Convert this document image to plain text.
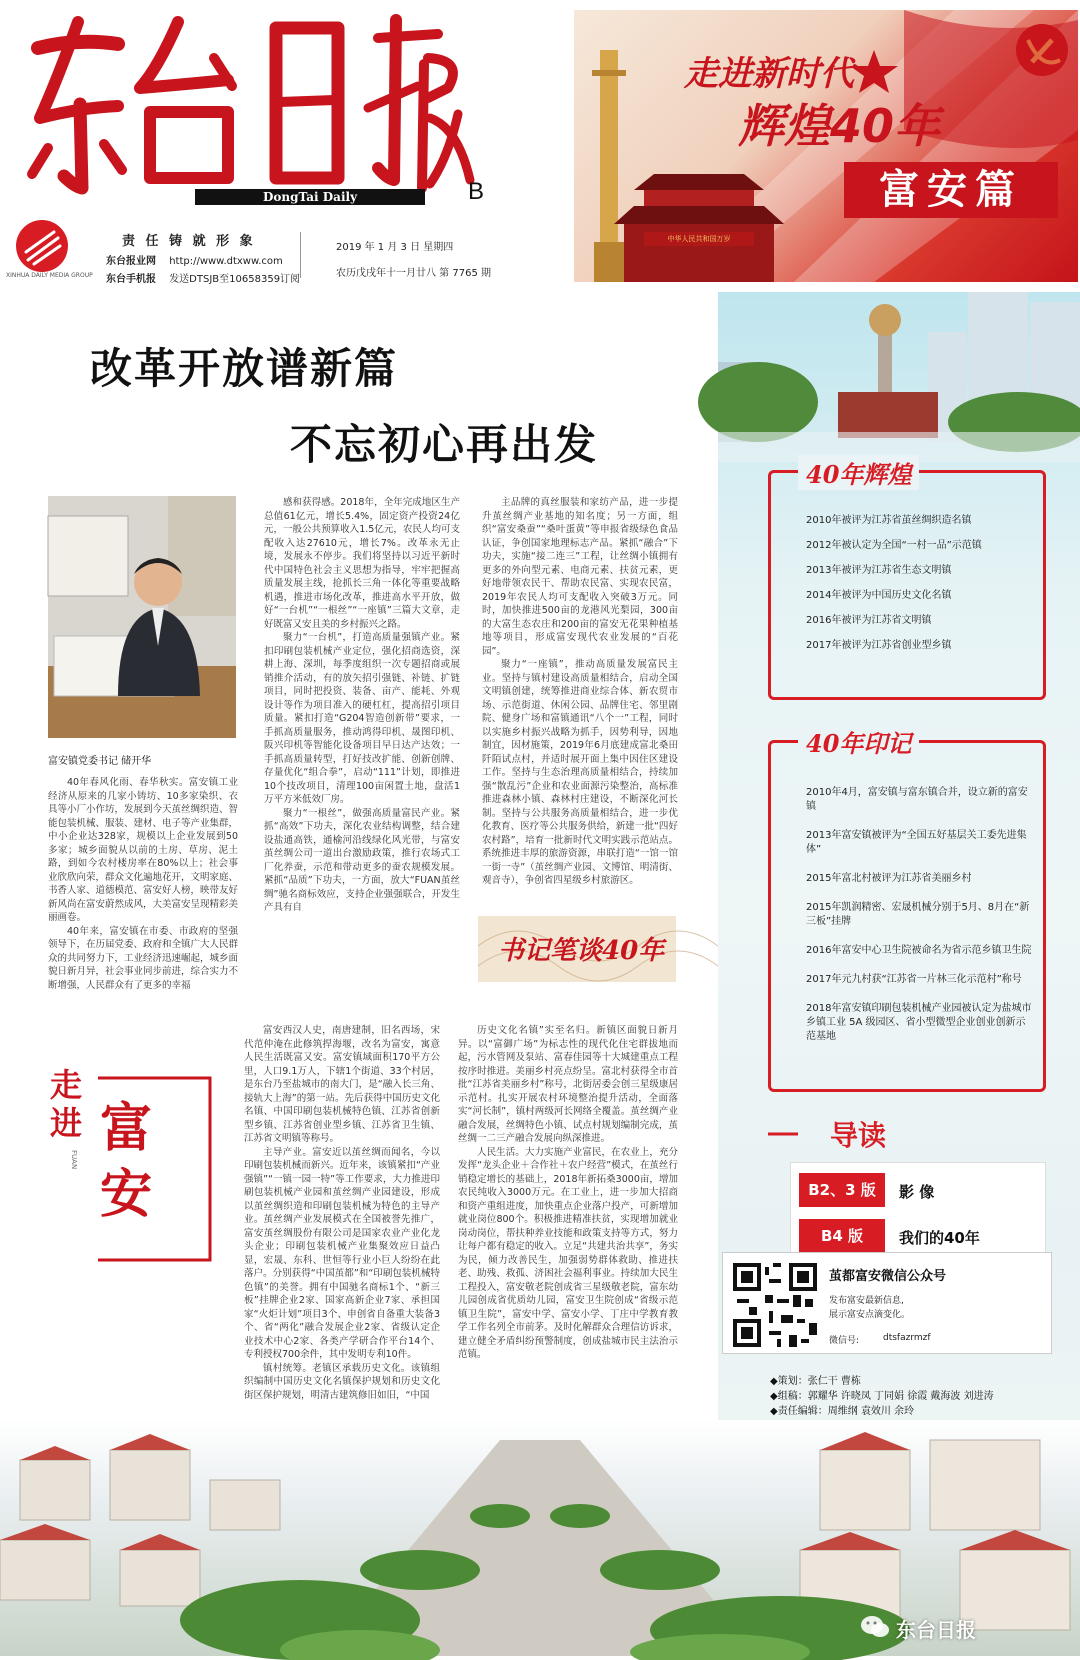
DongTai Daily	B
XINHUA DAILY MEDIA GROUP
责 任 铸 就 形 象
东台报业网 http://www.dtxww.com
东台手机报 发送DTSJB至10658359订阅
2019 年 1 月 3 日 星期四
农历戊戌年十一月廿八 第 7765 期
走进新时代
辉煌40年
富安篇
中华人民共和国万岁
改革开放谱新篇
不忘初心再出发
富安镇党委书记 储开华

40年春风化雨、春华秋实。富安镇工业经济从原来的几家小铸坊、10多家染织、衣具等小厂小作坊，发展到今天茧丝绸织造、智能包装机械、服装、建材、电子等产业集群，中小企业达328家，规模以上企业发展到50多家；城乡面貌从以前的土房、草房、泥土路，到如今农村楼房率在80%以上；社会事业欣欣向荣，群众文化遍地花开，文明家庭、书香人家、道德模范、富安好人榜，映带友好新风尚在富安蔚然成风，大美富安呈现精彩美丽画卷。

40年来，富安镇在市委、市政府的坚强领导下，在历届党委、政府和全镇广大人民群众的共同努力下，工业经济迅速崛起，城乡面貌日新月异，社会事业同步前进，综合实力不断增强，人民群众有了更多的幸福

感和获得感。2018年，全年完成地区生产总值61亿元，增长5.4%，固定资产投资24亿元，一般公共预算收入1.5亿元，农民人均可支配收入达27610元，增长7%。改革永无止境，发展永不停步。我们将坚持以习近平新时代中国特色社会主义思想为指导，牢牢把握高质量发展主线，抢抓长三角一体化等重要战略机遇，推进市场化改革，推进高水平开放，做好“一台机”“一根丝”“一座镇”三篇大文章，走好既富又安且美的乡村振兴之路。

聚力“一台机”，打造高质量强镇产业。紧扣印刷包装机械产业定位，强化招商选资，深耕上海、深圳，每季度组织一次专题招商或展销推介活动，有的放矢招引强链、补链、扩链项目，同时把投资、装备、亩产、能耗、外观设计等作为项目准入的硬杠杠，提高招引项目质量。紧扣打造“G204智造创新带”要求，一手抓高质量服务，推动鸿得印机、晟图印机、阪兴印机等智能化设备项目早日达产达效；一手抓高质量转型，打好技改扩能、创新创牌、存量优化“组合拳”，启动“111”计划，即推进10个技改项目，清理100亩闲置土地，盘活1万平方米低效厂房。

聚力“一根丝”，做强高质量富民产业。紧抓“高效”下功夫，深化农业结构调整，结合建设盐通高铁，通榆河沿线绿化风光带，与富安茧丝绸公司一道出台激励政策，推行农场式工厂化养蚕，示范和带动更多的蚕农规模发展。紧抓“品质”下功夫，一方面，放大“FUAN茧丝绸”驰名商标效应，支持企业强强联合，开发生产具有自

主品牌的真丝服装和家纺产品，进一步提升茧丝绸产业基地的知名度；另一方面，组织“富安桑蚕”“桑叶蛋黄”等申报省级绿色食品认证，争创国家地理标志产品。紧抓“融合”下功夫，实施“接二连三”工程，让丝绸小镇拥有更多的外向型元素、电商元素、扶贫元素，更好地带领农民干、帮助农民富、实现农民富，2019年农民人均可支配收入突破3万元。同时，加快推进500亩的龙港风光梨园，300亩的大富生态农庄和200亩的富安无花果种植基地等项目，形成富安现代农业发展的“百花园”。

聚力“一座镇”，推动高质量发展富民主业。坚持与镇村建设高质量相结合，启动全国文明镇创建，统筹推进商业综合体、新农贸市场、示范街道、休闲公园、品牌住宅、邻里剧院、健身广场和富镇通讯“八个一”工程，同时以实施乡村振兴战略为抓手，因势利导，因地制宜，因材施策，2019年6月底建成富北桑田阡陌试点村，并适时展开面上集中因住区建设工作。坚持与生态治理高质量相结合，持续加强“散乱污”企业和农业面源污染整治，高标准推进森林小镇、森林村庄建设，不断深化河长制。坚持与公共服务高质量相结合，进一步优化教育、医疗等公共服务供给，新建一批“四好农村路”，培育一批新时代文明实践示范站点。系统推进丰厚的旅游资源，串联打造“一馆一馆一街一寺”（茧丝绸产业园、文博馆、明清街、观音寺），争创省四星级乡村旅游区。

书记笔谈40年
走进 富安
FUAN

富安西汉人史，南唐建制，旧名西场，宋代范仲淹在此修筑捍海堰，改名为富安，寓意人民生活既富又安。富安镇域面积170平方公里，人口9.1万人，下辖1个街道、33个村居，是东台乃至盐城市的南大门，是“融入长三角、接轨大上海”的第一站。先后获得中国历史文化名镇、中国印刷包装机械特色镇、江苏省创新型乡镇、江苏省创业型乡镇、江苏省卫生镇、江苏省文明镇等称号。

主导产业。富安近以茧丝绸而闻名，今以印刷包装机械而新兴。近年来，该镇紧扣“产业强镇”“一镇一园一特”等工作要求，大力推进印刷包装机械产业园和茧丝绸产业园建设，形成以茧丝绸织造和印刷包装机械为特色的主导产业。茧丝绸产业发展模式在全国被誉先推广，富安茧丝绸股份有限公司是国家农业产业化龙头企业；印刷包装机械产业集聚效应日益凸显，宏晟、东科、世恒等行业小巨人纷纷在此落户。分别获得“中国茧都”和“印刷包装机械特色镇”的美誉。拥有中国驰名商标1个、“新三板”挂牌企业2家、国家高新企业7家、承担国家“火炬计划”项目3个、申创省自备重大装备3个、省“两化”融合发展企业2家、省级认定企业技术中心2家、各类产学研合作平台14个、专利授权700余件，其中发明专利10件。

镇村统筹。老镇区承载历史文化。该镇组织编制中国历史文化名镇保护规划和历史文化街区保护规划，明清古建筑修旧如旧，“中国

历史文化名镇”实至名归。新镇区面貌日新月异。以“富御广场”为标志性的现代化住宅群拔地而起，污水管网及泵站、富春佳园等十大城建重点工程按序时推进。美丽乡村亮点纷呈。富北村获得全市首批“江苏省美丽乡村”称号，北街居委会创三星级康居示范村。扎实开展农村环境整治提升活动，全面落实“河长制”，镇村两级河长网络全覆盖。茧丝绸产业融合发展，丝绸特色小镇、试点村规划编制完成，茧丝绸一二三产融合发展向纵深推进。

人民生活。大力实施产业富民，在农业上，充分发挥“龙头企业＋合作社＋农户经营”模式，在茧丝行销稳定增长的基础上，2018年新拓桑3000亩，增加农民纯收入3000万元。在工业上，进一步加大招商和资产重组进度，加快重点企业落户投产，可新增加就业岗位800个。积极推进精准扶贫，实现增加就业岗动岗位，帮扶种养业技能和政策支持等方式，努力让每户都有稳定的收入。立足“共建共治共享”，务实为民，倾力改善民生，加强弱势群体救助、推进扶老、助残、救孤、济困社会福利事业。持续加大民生工程投入，富安敬老院创成省三星级敬老院，富东幼儿园创成省优质幼儿园，富安卫生院创成“省级示范镇卫生院”，富安中学、富安小学、丁庄中学教育教学工作名列全市前茅。及时化解群众合理信访诉求，建立健全矛盾纠纷预警制度，创成盐城市民主法治示范镇。

40年辉煌
2010年被评为江苏省茧丝绸织造名镇
2012年被认定为全国“一村一品”示范镇
2013年被评为江苏省生态文明镇
2014年被评为中国历史文化名镇
2016年被评为江苏省文明镇
2017年被评为江苏省创业型乡镇
40年印记
2010年4月，富安镇与富东镇合并，设立新的富安镇
2013年富安镇被评为“全国五好基层关工委先进集体”
2015年富北村被评为江苏省美丽乡村
2015年凯润精密、宏晟机械分别于5月、8月在“新三板”挂牌
2016年富安中心卫生院被命名为省示范乡镇卫生院
2017年元九村获“江苏省一片林三化示范村”称号
2018年富安镇印刷包装机械产业园被认定为盐城市乡镇工业 5A 级园区、省小型微型企业创业创新示范基地
导读
B2、3 版	影 像
B4 版	我们的40年
茧都富安微信公众号
发布富安最新信息,
展示富安点滴变化。
微信号:	dtsfazrmzf
◆策划：张仁干 曹栋
◆组稿：郭耀华 许晓凤 丁同娟 徐霞 戴海波 刘进涛
◆责任编辑：周维纲 袁效川 余玲
东台日报
